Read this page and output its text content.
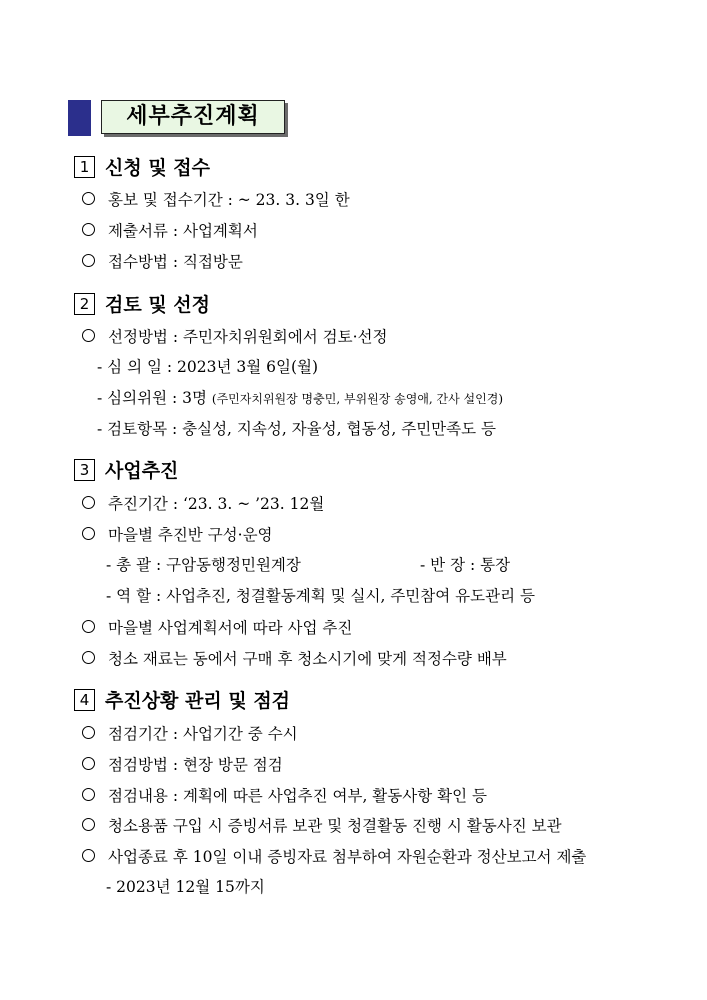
세부추진계획
1 신청 및 접수
홍보 및 접수기간 : ~ 23. 3. 3일 한
제출서류 : 사업계획서
접수방법 : 직접방문
2 검토 및 선정
선정방법 : 주민자치위원회에서 검토·선정
- 심 의 일 : 2023년 3월 6일(월)
- 심의위원 : 3명 (주민자치위원장 명충민, 부위원장 송영애, 간사 설인경)
- 검토항목 : 충실성, 지속성, 자율성, 협동성, 주민만족도 등
3 사업추진
추진기간 : ‘23. 3. ~ ’23. 12월
마을별 추진반 구성·운영
- 총 괄 : 구암동행정민원계장	- 반 장 : 통장
- 역 할 : 사업추진, 청결활동계획 및 실시, 주민참여 유도관리 등
마을별 사업계획서에 따라 사업 추진
청소 재료는 동에서 구매 후 청소시기에 맞게 적정수량 배부
4 추진상황 관리 및 점검
점검기간 : 사업기간 중 수시
점검방법 : 현장 방문 점검
점검내용 : 계획에 따른 사업추진 여부, 활동사항 확인 등
청소용품 구입 시 증빙서류 보관 및 청결활동 진행 시 활동사진 보관
사업종료 후 10일 이내 증빙자료 첨부하여 자원순환과 정산보고서 제출
- 2023년 12월 15까지
